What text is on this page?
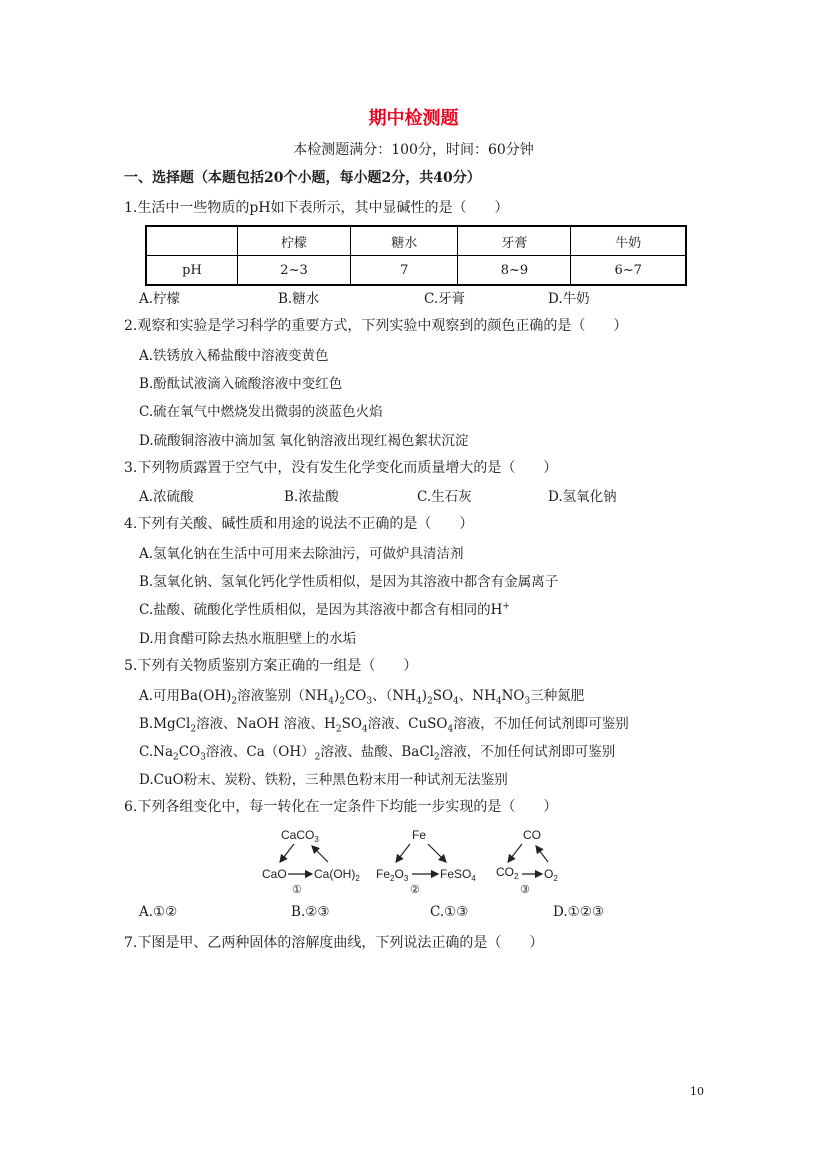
期中检测题
本检测题满分：100分，时间：60分钟
一、选择题（本题包括20个小题，每小题2分，共40分）
1.生活中一些物质的pH如下表所示，其中显碱性的是（　　）
	柠檬	糖水	牙膏	牛奶
pH	2~3	7	8~9	6~7
A.柠檬	B.糖水	C.牙膏	D.牛奶
2.观察和实验是学习科学的重要方式，下列实验中观察到的颜色正确的是（　　）
A.铁锈放入稀盐酸中溶液变黄色
B.酚酞试液滴入硫酸溶液中变红色
C.硫在氧气中燃烧发出微弱的淡蓝色火焰
D.硫酸铜溶液中滴加氢 氧化钠溶液出现红褐色絮状沉淀
3.下列物质露置于空气中，没有发生化学变化而质量增大的是（　　）
A.浓硫酸	B.浓盐酸	C.生石灰	D.氢氧化钠
4.下列有关酸、碱性质和用途的说法不正确的是（　　）
A.氢氧化钠在生活中可用来去除油污，可做炉具清洁剂
B.氢氧化钠、氢氧化钙化学性质相似，是因为其溶液中都含有金属离子
C.盐酸、硫酸化学性质相似，是因为其溶液中都含有相同的H+
D.用食醋可除去热水瓶胆壁上的水垢
5.下列有关物质鉴别方案正确的一组是（　　）
A.可用$Ba(OH)_2$溶液鉴别$(NH_4)_2CO_3$、$(NH_4)_2SO_4$、$NH_4NO_3$三种氮肥
B.MgCl$_2$溶液、NaOH 溶液、$H_2SO_4$溶液、CuSO$_4$溶液，不加任何试剂即可鉴别
$C.Na_2CO_3$溶液、$Ca(OH)_2$溶液、盐酸、BaCl$_2$溶液，不加任何试剂即可鉴别
D.CuO粉末、炭粉、铁粉，三种黑色粉末用一种试剂无法鉴别
6.下列各组变化中，每一转化在一定条件下均能一步实现的是（　　）
CaCO$_3$
CaO $Ca(OH)_2$
①
Fe
$Fe_2O_3$	FeSO$_4$
②
CO
$CO_2$ $O_2$
③
A.①②	B.②③	C.①③	D.①②③
7.下图是甲、乙两种固体的溶解度曲线，下列说法正确的是（　　）
10
